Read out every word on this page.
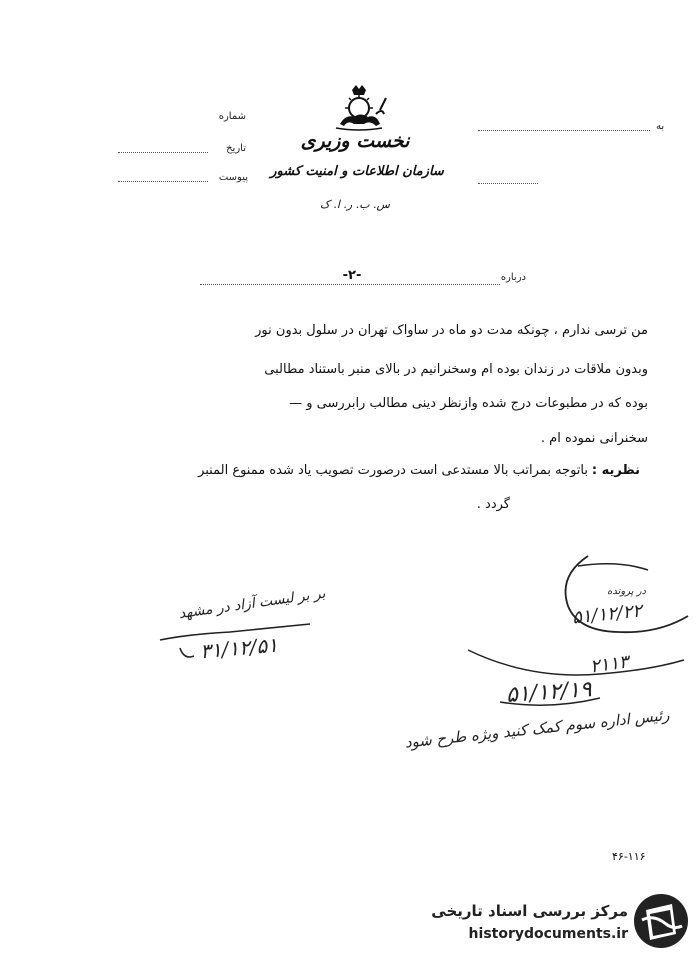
به
شماره
تاریخ
پیوست
نخست وزیری
سازمان اطلاعات و امنیت کشور
س. ب. ر. ا. ک
درباره
-۲-
من ترسی ندارم ، چونکه مدت دو ماه در ساواک تهران در سلول بدون نور
وبدون ملاقات در زندان بوده ام وسخنرانیم در بالای منبر باستناد مطالبی
بوده که در مطبوعات درج شده وازنظر دینی مطالب رابررسی و —
سخنرانی نموده ام .
نظریه :
باتوجه بمراتب بالا مستدعی است درصورت تصویب یاد شده ممنوع المنبر
گردد .
بر بر لیست آزاد در مشهد
۳۱/۱۲/۵۱
در پرونده
۵۱/۱۲/۲۲
۲۱۱۳
۵۱/۱۲/۱۹
رئیس اداره سوم کمک کنید ویژه طرح شود
۴۶-۱۱۶
مرکز بررسی اسناد تاریخی
historydocuments.ir
